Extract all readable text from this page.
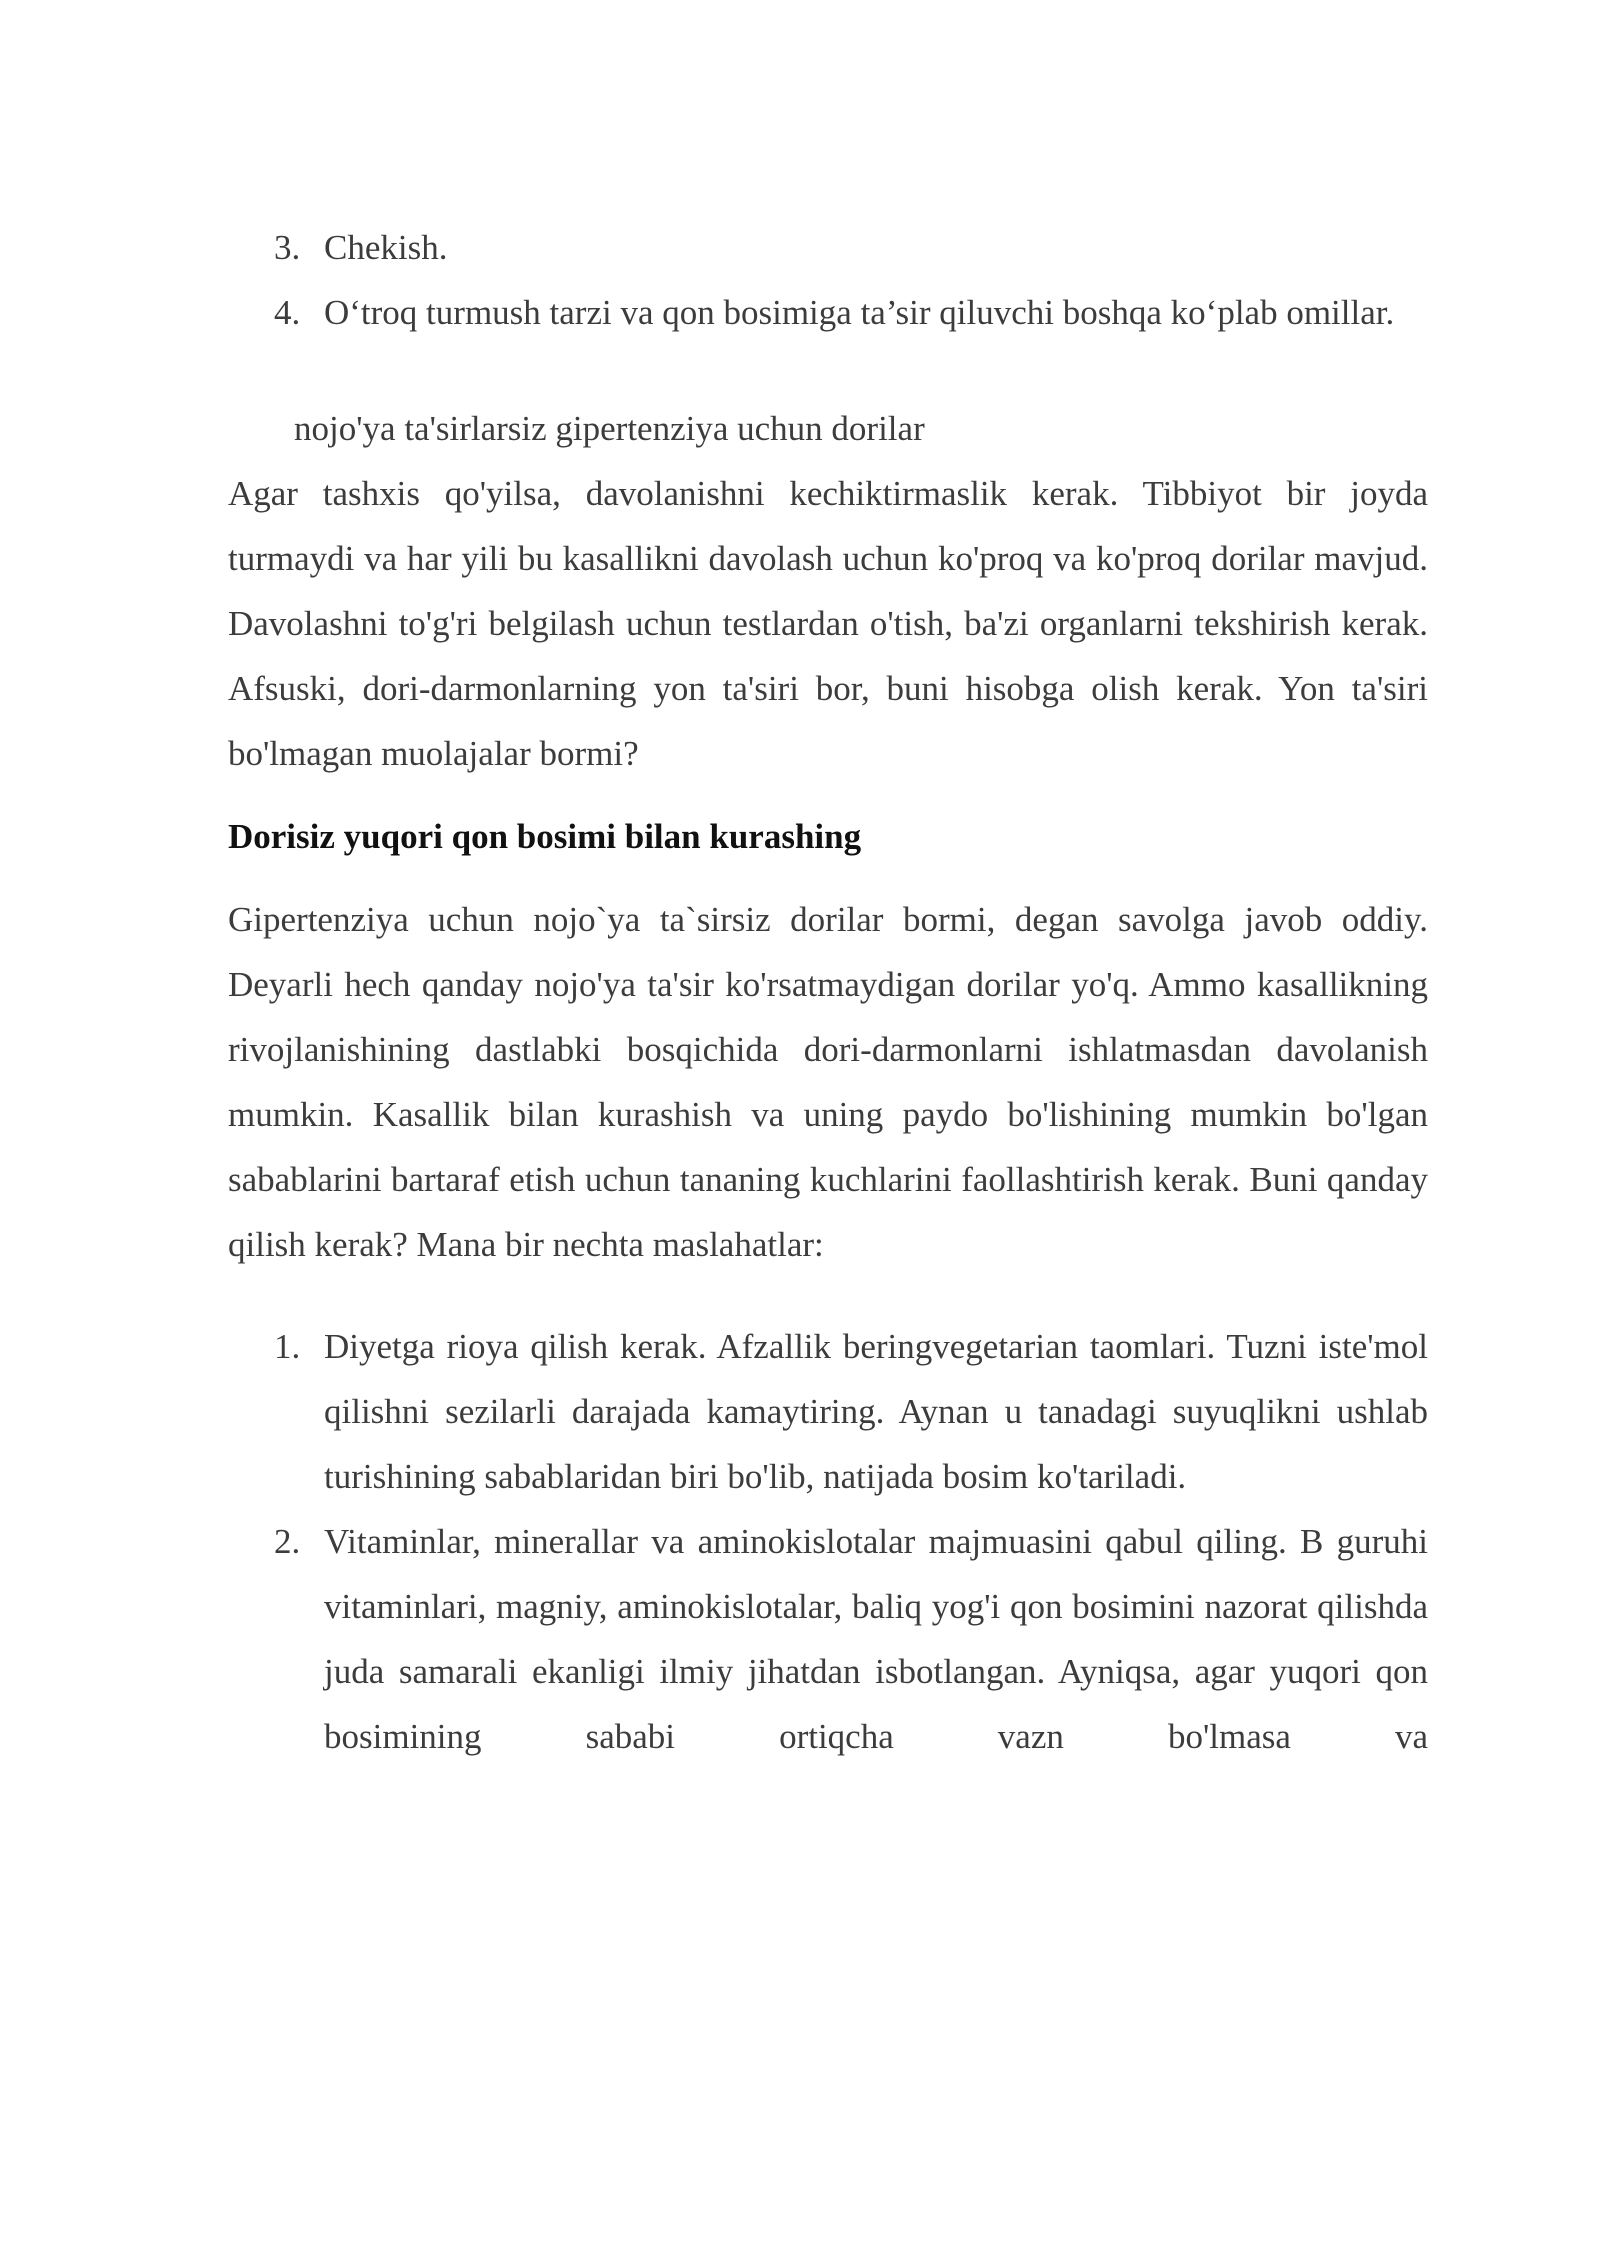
3. Chekish.
4. O‘troq turmush tarzi va qon bosimiga ta’sir qiluvchi boshqa ko‘plab omillar.

nojo'ya ta'sirlarsiz gipertenziya uchun dorilar

Agar tashxis qo'yilsa, davolanishni kechiktirmaslik kerak. Tibbiyot bir joyda turmaydi va har yili bu kasallikni davolash uchun ko'proq va ko'proq dorilar mavjud. Davolashni to'g'ri belgilash uchun testlardan o'tish, ba'zi organlarni tekshirish kerak. Afsuski, dori-darmonlarning yon ta'siri bor, buni hisobga olish kerak. Yon ta'siri bo'lmagan muolajalar bormi?

Dorisiz yuqori qon bosimi bilan kurashing

Gipertenziya uchun nojo`ya ta`sirsiz dorilar bormi, degan savolga javob oddiy. Deyarli hech qanday nojo'ya ta'sir ko'rsatmaydigan dorilar yo'q. Ammo kasallikning rivojlanishining dastlabki bosqichida dori-darmonlarni ishlatmasdan davolanish mumkin. Kasallik bilan kurashish va uning paydo bo'lishining mumkin bo'lgan sabablarini bartaraf etish uchun tananing kuchlarini faollashtirish kerak. Buni qanday qilish kerak? Mana bir nechta maslahatlar:

1. Diyetga rioya qilish kerak. Afzallik beringvegetarian taomlari. Tuzni iste'mol qilishni sezilarli darajada kamaytiring. Aynan u tanadagi suyuqlikni ushlab turishining sabablaridan biri bo'lib, natijada bosim ko'tariladi.
2. Vitaminlar, minerallar va aminokislotalar majmuasini qabul qiling. B guruhi vitaminlari, magniy, aminokislotalar, baliq yog'i qon bosimini nazorat qilishda juda samarali ekanligi ilmiy jihatdan isbotlangan. Ayniqsa, agar yuqori qon bosimining sababi ortiqcha vazn bo'lmasa va
